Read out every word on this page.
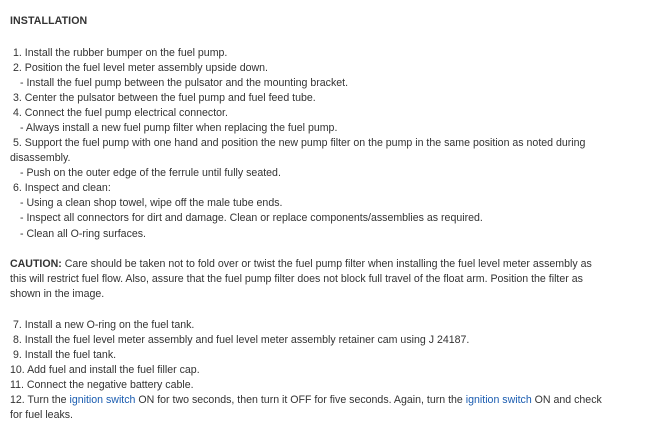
INSTALLATION
1. Install the rubber bumper on the fuel pump.
2. Position the fuel level meter assembly upside down.
- Install the fuel pump between the pulsator and the mounting bracket.
3. Center the pulsator between the fuel pump and fuel feed tube.
4. Connect the fuel pump electrical connector.
- Always install a new fuel pump filter when replacing the fuel pump.
5. Support the fuel pump with one hand and position the new pump filter on the pump in the same position as noted during
disassembly.
- Push on the outer edge of the ferrule until fully seated.
6. Inspect and clean:
- Using a clean shop towel, wipe off the male tube ends.
- Inspect all connectors for dirt and damage. Clean or replace components/assemblies as required.
- Clean all O-ring surfaces.
CAUTION: Care should be taken not to fold over or twist the fuel pump filter when installing the fuel level meter assembly as
this will restrict fuel flow. Also, assure that the fuel pump filter does not block full travel of the float arm. Position the filter as
shown in the image.
7. Install a new O-ring on the fuel tank.
8. Install the fuel level meter assembly and fuel level meter assembly retainer cam using J 24187.
9. Install the fuel tank.
10. Add fuel and install the fuel filler cap.
11. Connect the negative battery cable.
12. Turn the ignition switch ON for two seconds, then turn it OFF for five seconds. Again, turn the ignition switch ON and check
for fuel leaks.
